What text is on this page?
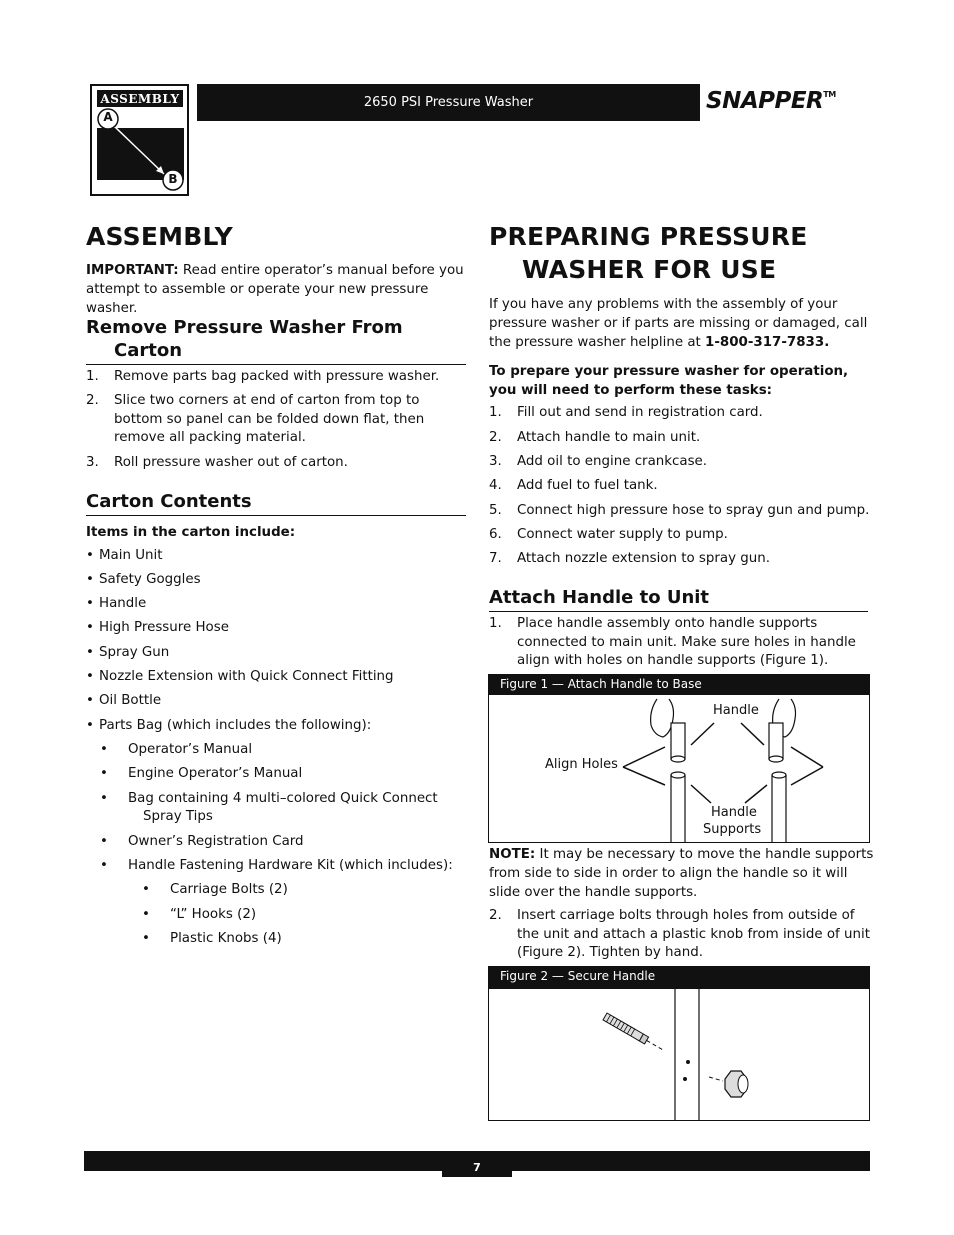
ASSEMBLY
A
B
2650 PSI Pressure Washer	SNAPPER™
ASSEMBLY
IMPORTANT: Read entire operator’s manual before you attempt to assemble or operate your new pressure washer.
Remove Pressure Washer From
Carton
1. Remove parts bag packed with pressure washer.
2. Slice two corners at end of carton from top to bottom so panel can be folded down flat, then remove all packing material.
3. Roll pressure washer out of carton.
Carton Contents
Items in the carton include:
• Main Unit
• Safety Goggles
• Handle
• High Pressure Hose
• Spray Gun
• Nozzle Extension with Quick Connect Fitting
• Oil Bottle
• Parts Bag (which includes the following):
• Operator’s Manual
• Engine Operator’s Manual
• Bag containing 4 multi–colored Quick Connect
Spray Tips
• Owner’s Registration Card
• Handle Fastening Hardware Kit (which includes):
• Carriage Bolts (2)
• “L” Hooks (2)
• Plastic Knobs (4)
PREPARING PRESSURE
WASHER FOR USE
If you have any problems with the assembly of your pressure washer or if parts are missing or damaged, call the pressure washer helpline at 1-800-317-7833.
To prepare your pressure washer for operation, you will need to perform these tasks:
1. Fill out and send in registration card.
2. Attach handle to main unit.
3. Add oil to engine crankcase.
4. Add fuel to fuel tank.
5. Connect high pressure hose to spray gun and pump.
6. Connect water supply to pump.
7. Attach nozzle extension to spray gun.
Attach Handle to Unit
1. Place handle assembly onto handle supports connected to main unit. Make sure holes in handle align with holes on handle supports (Figure 1).
Figure 1 — Attach Handle to Base
Handle
Align Holes
Handle
Supports
NOTE: It may be necessary to move the handle supports from side to side in order to align the handle so it will slide over the handle supports.
2. Insert carriage bolts through holes from outside of the unit and attach a plastic knob from inside of unit (Figure 2). Tighten by hand.
Figure 2 — Secure Handle
7
